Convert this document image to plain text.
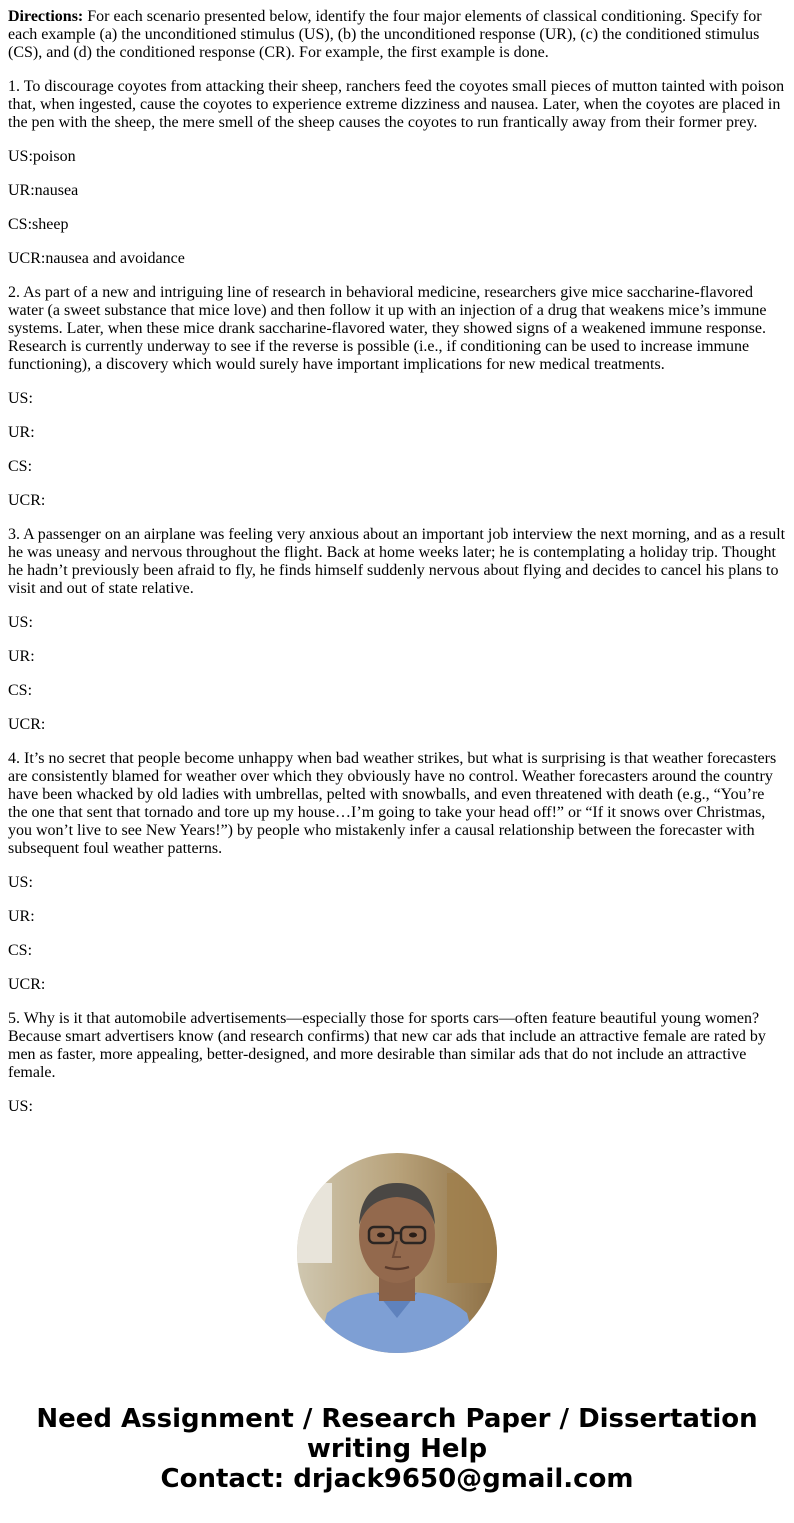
Directions: For each scenario presented below, identify the four major elements of classical conditioning. Specify for each example (a) the unconditioned stimulus (US), (b) the unconditioned response (UR), (c) the conditioned stimulus (CS), and (d) the conditioned response (CR). For example, the first example is done.

1. To discourage coyotes from attacking their sheep, ranchers feed the coyotes small pieces of mutton tainted with poison that, when ingested, cause the coyotes to experience extreme dizziness and nausea. Later, when the coyotes are placed in the pen with the sheep, the mere smell of the sheep causes the coyotes to run frantically away from their former prey.

US:poison
UR:nausea
CS:sheep
UCR:nausea and avoidance

2. As part of a new and intriguing line of research in behavioral medicine, researchers give mice saccharine-flavored water (a sweet substance that mice love) and then follow it up with an injection of a drug that weakens mice’s immune systems. Later, when these mice drank saccharine-flavored water, they showed signs of a weakened immune response. Research is currently underway to see if the reverse is possible (i.e., if conditioning can be used to increase immune functioning), a discovery which would surely have important implications for new medical treatments.

US:
UR:
CS:
UCR:

3. A passenger on an airplane was feeling very anxious about an important job interview the next morning, and as a result he was uneasy and nervous throughout the flight. Back at home weeks later; he is contemplating a holiday trip. Thought he hadn’t previously been afraid to fly, he finds himself suddenly nervous about flying and decides to cancel his plans to visit and out of state relative.

US:
UR:
CS:
UCR:

4. It’s no secret that people become unhappy when bad weather strikes, but what is surprising is that weather forecasters are consistently blamed for weather over which they obviously have no control. Weather forecasters around the country have been whacked by old ladies with umbrellas, pelted with snowballs, and even threatened with death (e.g., “You’re the one that sent that tornado and tore up my house…I’m going to take your head off!” or “If it snows over Christmas, you won’t live to see New Years!”) by people who mistakenly infer a causal relationship between the forecaster with subsequent foul weather patterns.

US:
UR:
CS:
UCR:

5. Why is it that automobile advertisements—especially those for sports cars—often feature beautiful young women? Because smart advertisers know (and research confirms) that new car ads that include an attractive female are rated by men as faster, more appealing, better-designed, and more desirable than similar ads that do not include an attractive female.

US:
Need Assignment / Research Paper / Dissertation
writing Help
Contact: drjack9650@gmail.com
